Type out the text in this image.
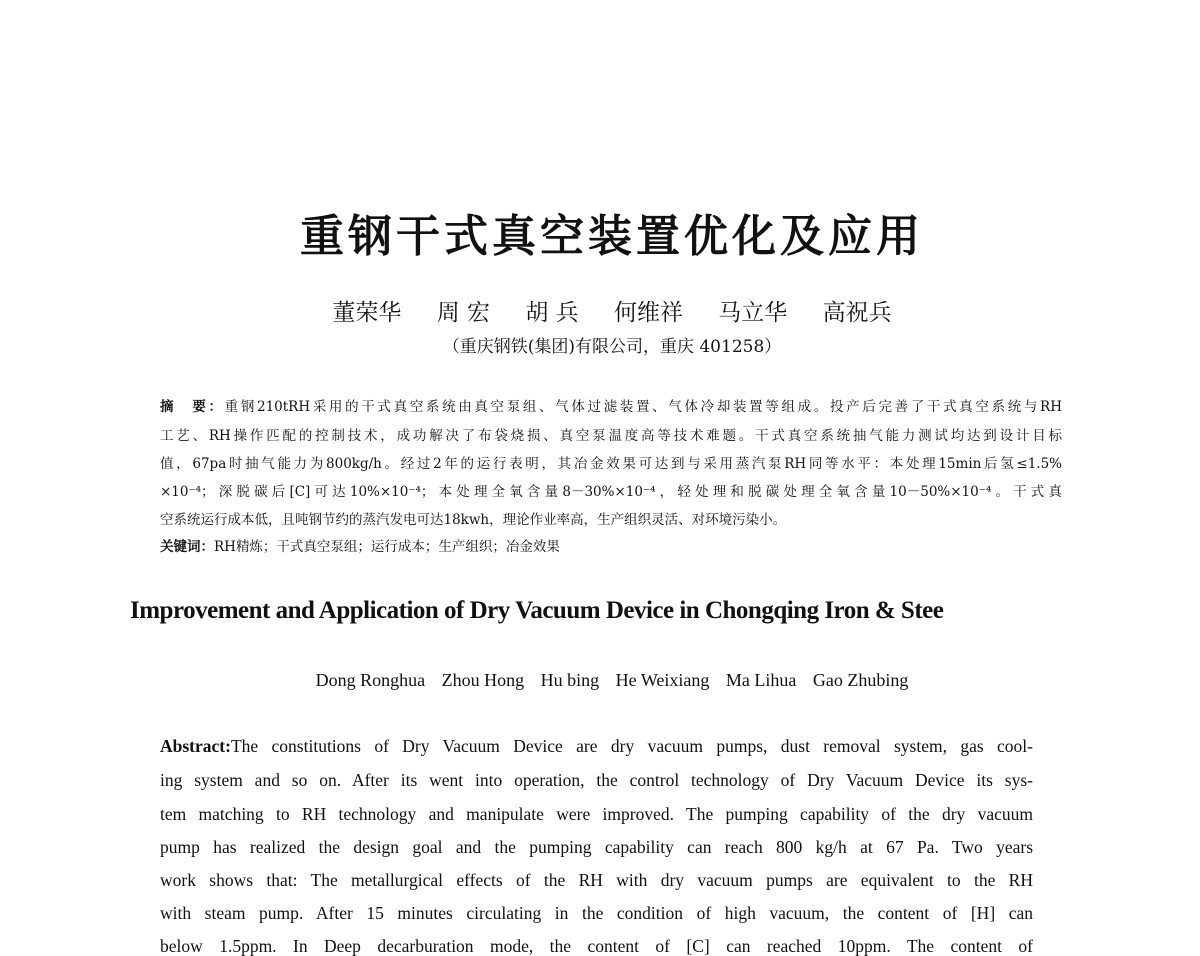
重钢干式真空装置优化及应用
董荣华 周 宏 胡 兵 何维祥 马立华 高祝兵
（重庆钢铁(集团)有限公司，重庆 401258）
摘　要：重钢210tRH采用的干式真空系统由真空泵组、气体过滤装置、气体冷却装置等组成。投产后完善了干式真空系统与RH
工艺、RH操作匹配的控制技术，成功解决了布袋烧损、真空泵温度高等技术难题。干式真空系统抽气能力测试均达到设计目标
值，67pa时抽气能力为800kg/h。经过2年的运行表明，其冶金效果可达到与采用蒸汽泵RH同等水平：本处理15min后氢≤1.5%
×10⁻⁴；深脱碳后[C]可达10%×10⁻⁴；本处理全氧含量8－30%×10⁻⁴，轻处理和脱碳处理全氧含量10－50%×10⁻⁴。干式真
空系统运行成本低，且吨钢节约的蒸汽发电可达18kwh，理论作业率高，生产组织灵活、对环境污染小。
关键词：RH精炼；干式真空泵组；运行成本；生产组织；冶金效果
Improvement and Application of Dry Vacuum Device in Chongqing Iron & Stee
Dong Ronghua Zhou Hong Hu bing He Weixiang Ma Lihua Gao Zhubing
Abstract:The constitutions of Dry Vacuum Device are dry vacuum pumps, dust removal system, gas cool-
ing system and so on. After its went into operation, the control technology of Dry Vacuum Device its sys-
tem matching to RH technology and manipulate were improved. The pumping capability of the dry vacuum
pump has realized the design goal and the pumping capability can reach 800 kg/h at 67 Pa. Two years
work shows that: The metallurgical effects of the RH with dry vacuum pumps are equivalent to the RH
with steam pump. After 15 minutes circulating in the condition of high vacuum, the content of [H] can
below 1.5ppm. In Deep decarburation mode, the content of [C] can reached 10ppm. The content of
